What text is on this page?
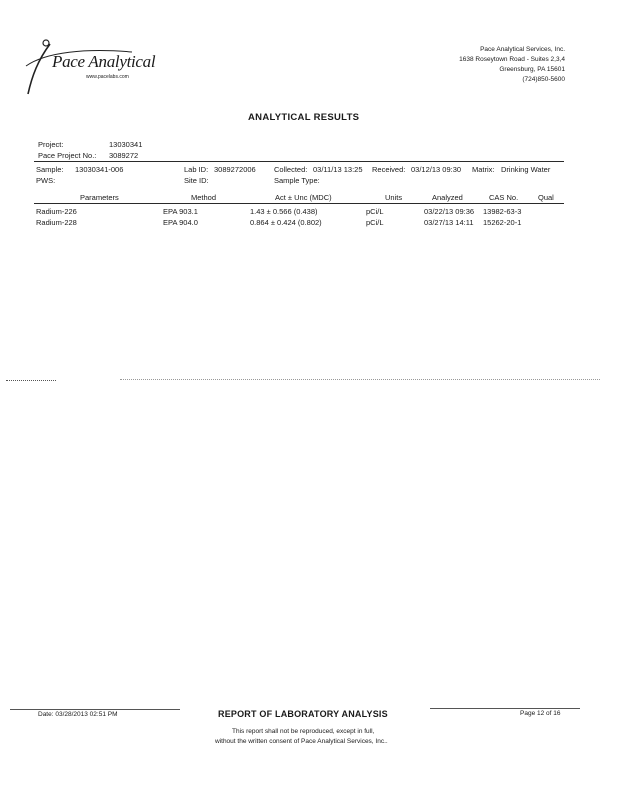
Pace Analytical
www.pacelabs.com
Pace Analytical Services, Inc.
1638 Roseytown Road - Suites 2,3,4
Greensburg, PA 15601
(724)850-5600
ANALYTICAL RESULTS
Project:	13030341
Pace Project No.: 3089272
Sample: 13030341-006
PWS:
Lab ID: 3089272006
Site ID:
Collected: 03/11/13 13:25
Sample Type:
Received: 03/12/13 09:30 Matrix: Drinking Water
Parameters	Method	Act ± Unc (MDC)	Units	Analyzed	CAS No.	Qual
Radium-226	EPA 903.1	1.43 ± 0.566 (0.438)	pCi/L	03/22/13 09:36 13982-63-3
Radium-228	EPA 904.0	0.864 ± 0.424 (0.802)	pCi/L	03/27/13 14:11 15262-20-1
Date: 03/28/2013 02:51 PM	REPORT OF LABORATORY ANALYSIS	Page 12 of 16
This report shall not be reproduced, except in full,
without the written consent of Pace Analytical Services, Inc..
